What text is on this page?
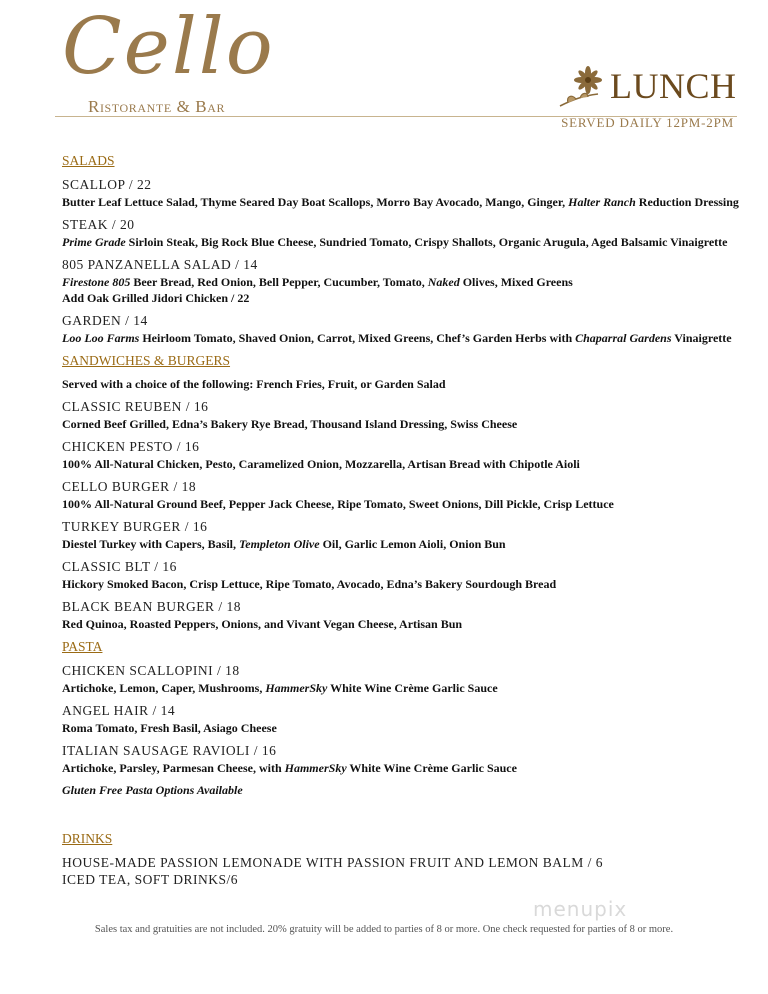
Cello
Ristorante & Bar
LUNCH
SERVED DAILY 12PM-2PM
SALADS
SCALLOP / 22
Butter Leaf Lettuce Salad, Thyme Seared Day Boat Scallops, Morro Bay Avocado, Mango, Ginger, Halter Ranch Reduction Dressing
STEAK / 20
Prime Grade Sirloin Steak, Big Rock Blue Cheese, Sundried Tomato, Crispy Shallots, Organic Arugula, Aged Balsamic Vinaigrette
805 PANZANELLA SALAD / 14
Firestone 805 Beer Bread, Red Onion, Bell Pepper, Cucumber, Tomato, Naked Olives, Mixed Greens
Add Oak Grilled Jidori Chicken / 22
GARDEN / 14
Loo Loo Farms Heirloom Tomato, Shaved Onion, Carrot, Mixed Greens, Chef’s Garden Herbs with Chaparral Gardens Vinaigrette
SANDWICHES & BURGERS
Served with a choice of the following: French Fries, Fruit, or Garden Salad
CLASSIC REUBEN / 16
Corned Beef Grilled, Edna’s Bakery Rye Bread, Thousand Island Dressing, Swiss Cheese
CHICKEN PESTO / 16
100% All-Natural Chicken, Pesto, Caramelized Onion, Mozzarella, Artisan Bread with Chipotle Aioli
CELLO BURGER / 18
100% All-Natural Ground Beef, Pepper Jack Cheese, Ripe Tomato, Sweet Onions, Dill Pickle, Crisp Lettuce
TURKEY BURGER / 16
Diestel Turkey with Capers, Basil, Templeton Olive Oil, Garlic Lemon Aioli, Onion Bun
CLASSIC BLT / 16
Hickory Smoked Bacon, Crisp Lettuce, Ripe Tomato, Avocado, Edna’s Bakery Sourdough Bread
BLACK BEAN BURGER / 18
Red Quinoa, Roasted Peppers, Onions, and Vivant Vegan Cheese, Artisan Bun
PASTA
CHICKEN SCALLOPINI / 18
Artichoke, Lemon, Caper, Mushrooms, HammerSky White Wine Crème Garlic Sauce
ANGEL HAIR / 14
Roma Tomato, Fresh Basil, Asiago Cheese
ITALIAN SAUSAGE RAVIOLI / 16
Artichoke, Parsley, Parmesan Cheese, with HammerSky White Wine Crème Garlic Sauce
Gluten Free Pasta Options Available
DRINKS
HOUSE-MADE PASSION LEMONADE WITH PASSION FRUIT AND LEMON BALM / 6
ICED TEA, SOFT DRINKS/6
Sales tax and gratuities are not included. 20% gratuity will be added to parties of 8 or more. One check requested for parties of 8 or more.
menupix
